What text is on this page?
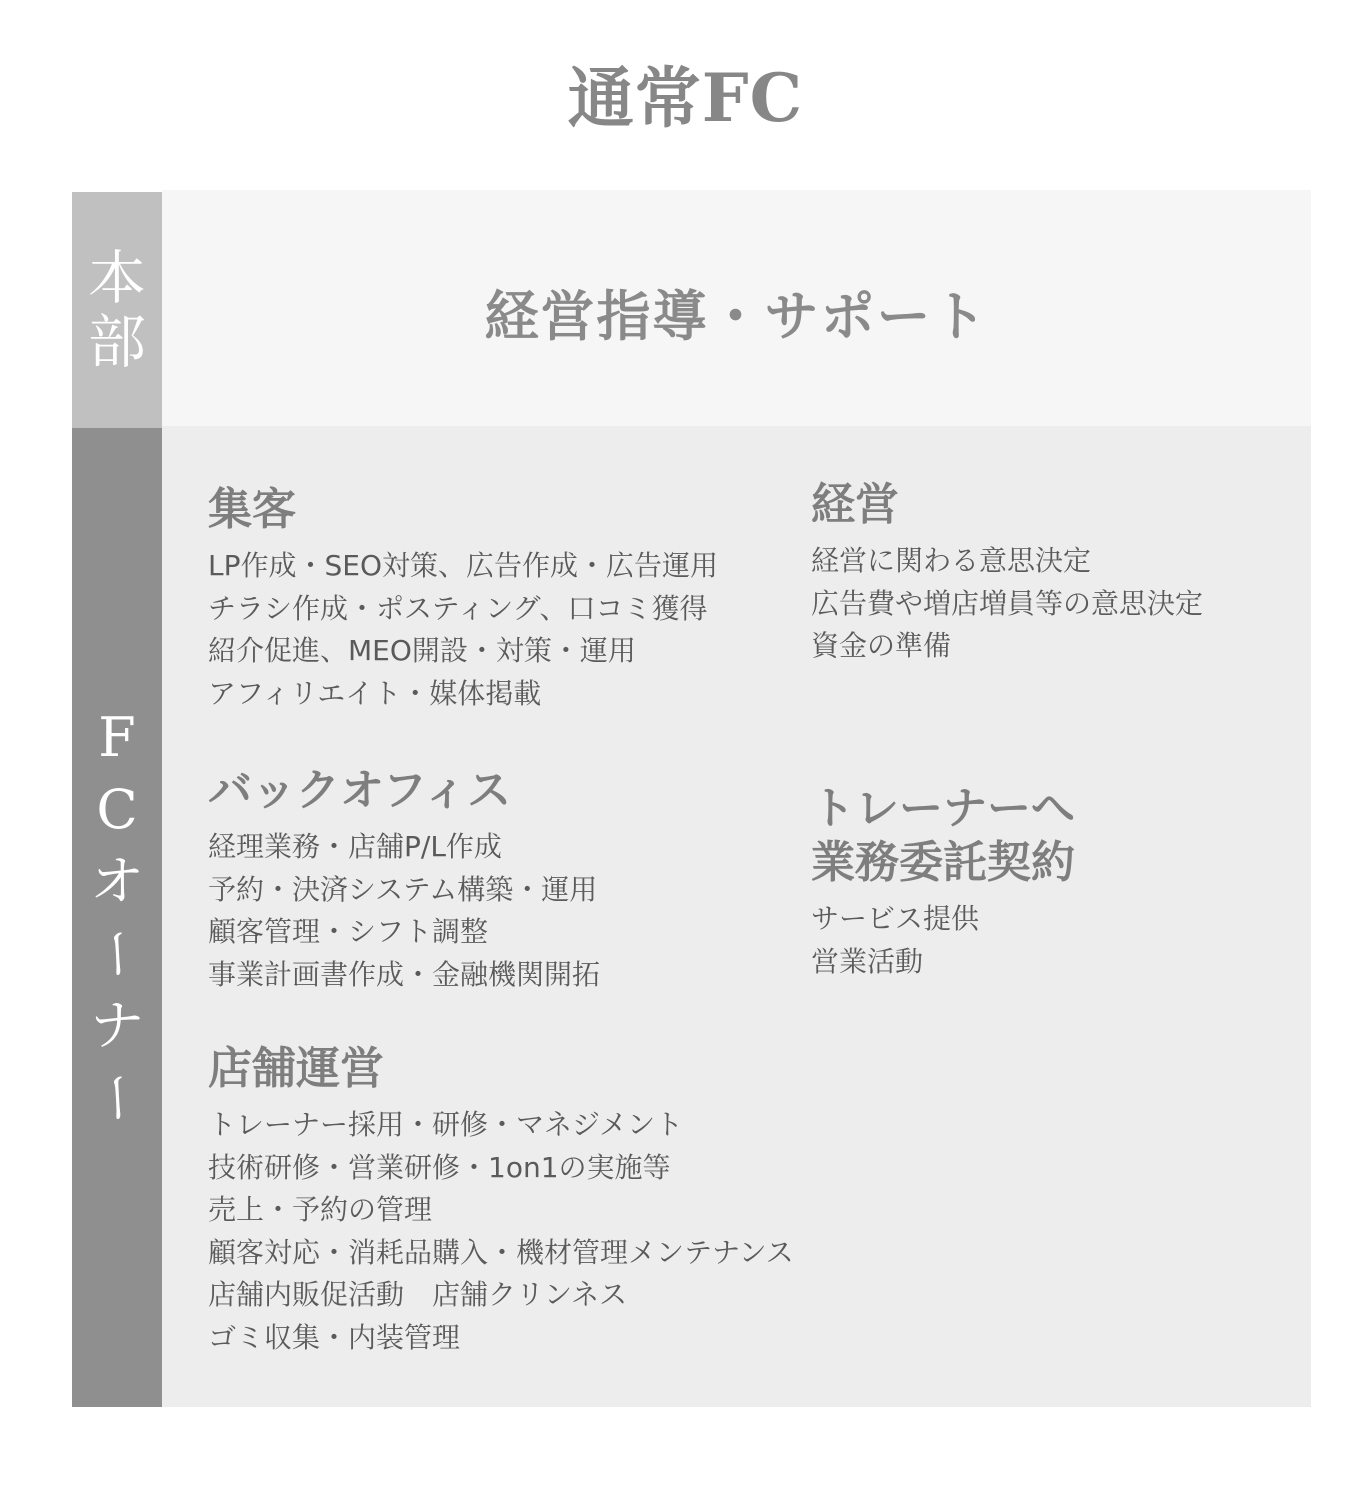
通常FC
本
部	経営指導・サポート
F
C
オ
ー
ナ
ー
集客

LP作成・SEO対策、広告作成・広告運用

チラシ作成・ポスティング、口コミ獲得

紹介促進、MEO開設・対策・運用

アフィリエイト・媒体掲載

経営

経営に関わる意思決定

広告費や増店増員等の意思決定

資金の準備

バックオフィス

経理業務・店舗P/L作成

予約・決済システム構築・運用

顧客管理・シフト調整

事業計画書作成・金融機関開拓

トレーナーへ
業務委託契約

サービス提供

営業活動

店舗運営

トレーナー採用・研修・マネジメント

技術研修・営業研修・1on1の実施等

売上・予約の管理

顧客対応・消耗品購入・機材管理メンテナンス

店舗内販促活動　店舗クリンネス

ゴミ収集・内装管理
